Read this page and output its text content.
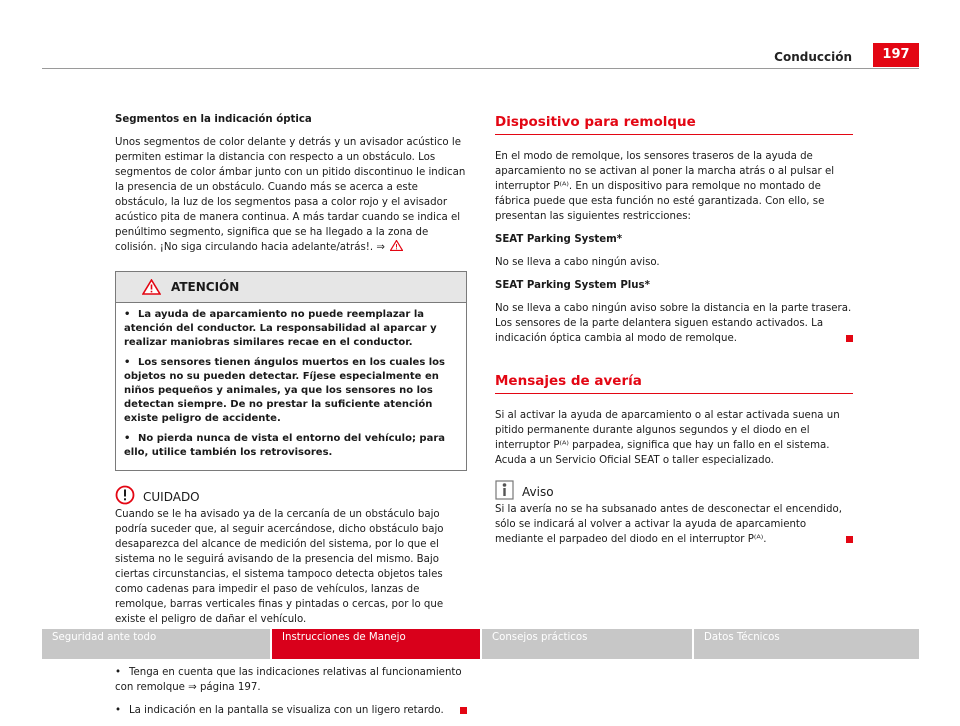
Conducción	197

Segmentos en la indicación óptica

Unos segmentos de color delante y detrás y un avisador acústico le permiten estimar la distancia con respecto a un obstáculo. Los segmentos de color ámbar junto con un pitido discontinuo le indican la presencia de un obstáculo. Cuando más se acerca a este obstáculo, la luz de los segmentos pasa a color rojo y el avisador acústico pita de manera continua. A más tardar cuando se indica el penúltimo segmento, significa que se ha llegado a la zona de colisión. ¡No siga circulando hacia adelante/atrás!. ⇒

ATENCIÓN
• La ayuda de aparcamiento no puede reemplazar la atención del conductor. La responsabilidad al aparcar y realizar maniobras similares recae en el conductor.
• Los sensores tienen ángulos muertos en los cuales los objetos no su pueden detectar. Fíjese especialmente en niños pequeños y animales, ya que los sensores no los detectan siempre. De no prestar la suficiente atención existe peligro de accidente.
• No pierda nunca de vista el entorno del vehículo; para ello, utilice también los retrovisores.
CUIDADO

Cuando se le ha avisado ya de la cercanía de un obstáculo bajo podría suceder que, al seguir acercándose, dicho obstáculo bajo desaparezca del alcance de medición del sistema, por lo que el sistema no le seguirá avisando de la presencia del mismo. Bajo ciertas circunstancias, el sistema tampoco detecta objetos tales como cadenas para impedir el paso de vehículos, lanzas de remolque, barras verticales finas y pintadas o cercas, por lo que existe el peligro de dañar el vehículo.

• Tenga en cuenta que las indicaciones relativas al funcionamiento con remolque ⇒ página 197.

• La indicación en la pantalla se visualiza con un ligero retardo.

Dispositivo para remolque

En el modo de remolque, los sensores traseros de la ayuda de aparcamiento no se activan al poner la marcha atrás o al pulsar el interruptor P⁽ᴬ⁾. En un dispositivo para remolque no montado de fábrica puede que esta función no esté garantizada. Con ello, se presentan las siguientes restricciones:

SEAT Parking System*

No se lleva a cabo ningún aviso.

SEAT Parking System Plus*

No se lleva a cabo ningún aviso sobre la distancia en la parte trasera. Los sensores de la parte delantera siguen estando activados. La indicación óptica cambia al modo de remolque.

Mensajes de avería

Si al activar la ayuda de aparcamiento o al estar activada suena un pitido permanente durante algunos segundos y el diodo en el interruptor P⁽ᴬ⁾ parpadea, significa que hay un fallo en el sistema. Acuda a un Servicio Oficial SEAT o taller especializado.

Aviso

Si la avería no se ha subsanado antes de desconectar el encendido, sólo se indicará al volver a activar la ayuda de aparcamiento mediante el parpadeo del diodo en el interruptor P⁽ᴬ⁾.

Seguridad ante todo	Instrucciones de Manejo	Consejos prácticos	Datos Técnicos
